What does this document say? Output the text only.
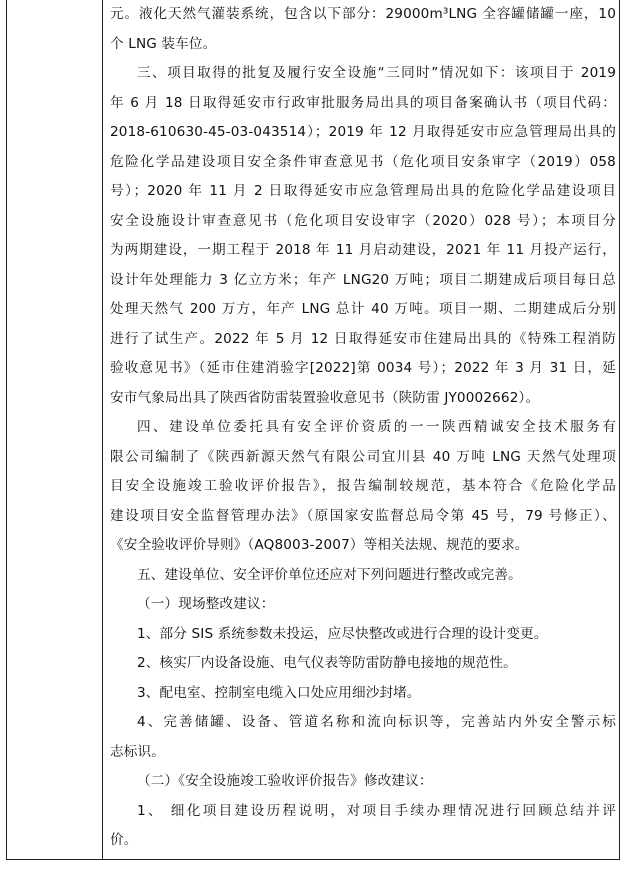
元。液化天然气灌装系统，包含以下部分：29000m³LNG 全容罐储罐一座，10
个 LNG 装车位。
三、项目取得的批复及履行安全设施“三同时”情况如下：该项目于 2019
年 6 月 18 日取得延安市行政审批服务局出具的项目备案确认书（项目代码：
2018-610630-45-03-043514）；2019 年 12 月取得延安市应急管理局出具的
危险化学品建设项目安全条件审查意见书（危化项目安条审字（2019）058
号）；2020 年 11 月 2 日取得延安市应急管理局出具的危险化学品建设项目
安全设施设计审查意见书（危化项目安设审字（2020）028 号）；本项目分
为两期建设，一期工程于 2018 年 11 月启动建设，2021 年 11 月投产运行，
设计年处理能力 3 亿立方米；年产 LNG20 万吨；项目二期建成后项目每日总
处理天然气 200 万方，年产 LNG 总计 40 万吨。项目一期、二期建成后分别
进行了试生产。2022 年 5 月 12 日取得延安市住建局出具的《特殊工程消防
验收意见书》（延市住建消验字[2022]第 0034 号）；2022 年 3 月 31 日，延
安市气象局出具了陕西省防雷装置验收意见书（陕防雷 JY0002662）。
四、建设单位委托具有安全评价资质的一一陕西精诚安全技术服务有
限公司编制了《陕西新源天然气有限公司宜川县 40 万吨 LNG 天然气处理项
目安全设施竣工验收评价报告》，报告编制较规范，基本符合《危险化学品
建设项目安全监督管理办法》（原国家安监督总局令第 45 号，79 号修正）、
《安全验收评价导则》（AQ8003-2007）等相关法规、规范的要求。
五、建设单位、安全评价单位还应对下列问题进行整改或完善。
（一）现场整改建议：
1、部分 SIS 系统参数未投运，应尽快整改或进行合理的设计变更。
2、核实厂内设备设施、电气仪表等防雷防静电接地的规范性。
3、配电室、控制室电缆入口处应用细沙封堵。
4、完善储罐、设备、管道名称和流向标识等，完善站内外安全警示标
志标识。
（二）《安全设施竣工验收评价报告》修改建议：
1、 细化项目建设历程说明，对项目手续办理情况进行回顾总结并评
价。
